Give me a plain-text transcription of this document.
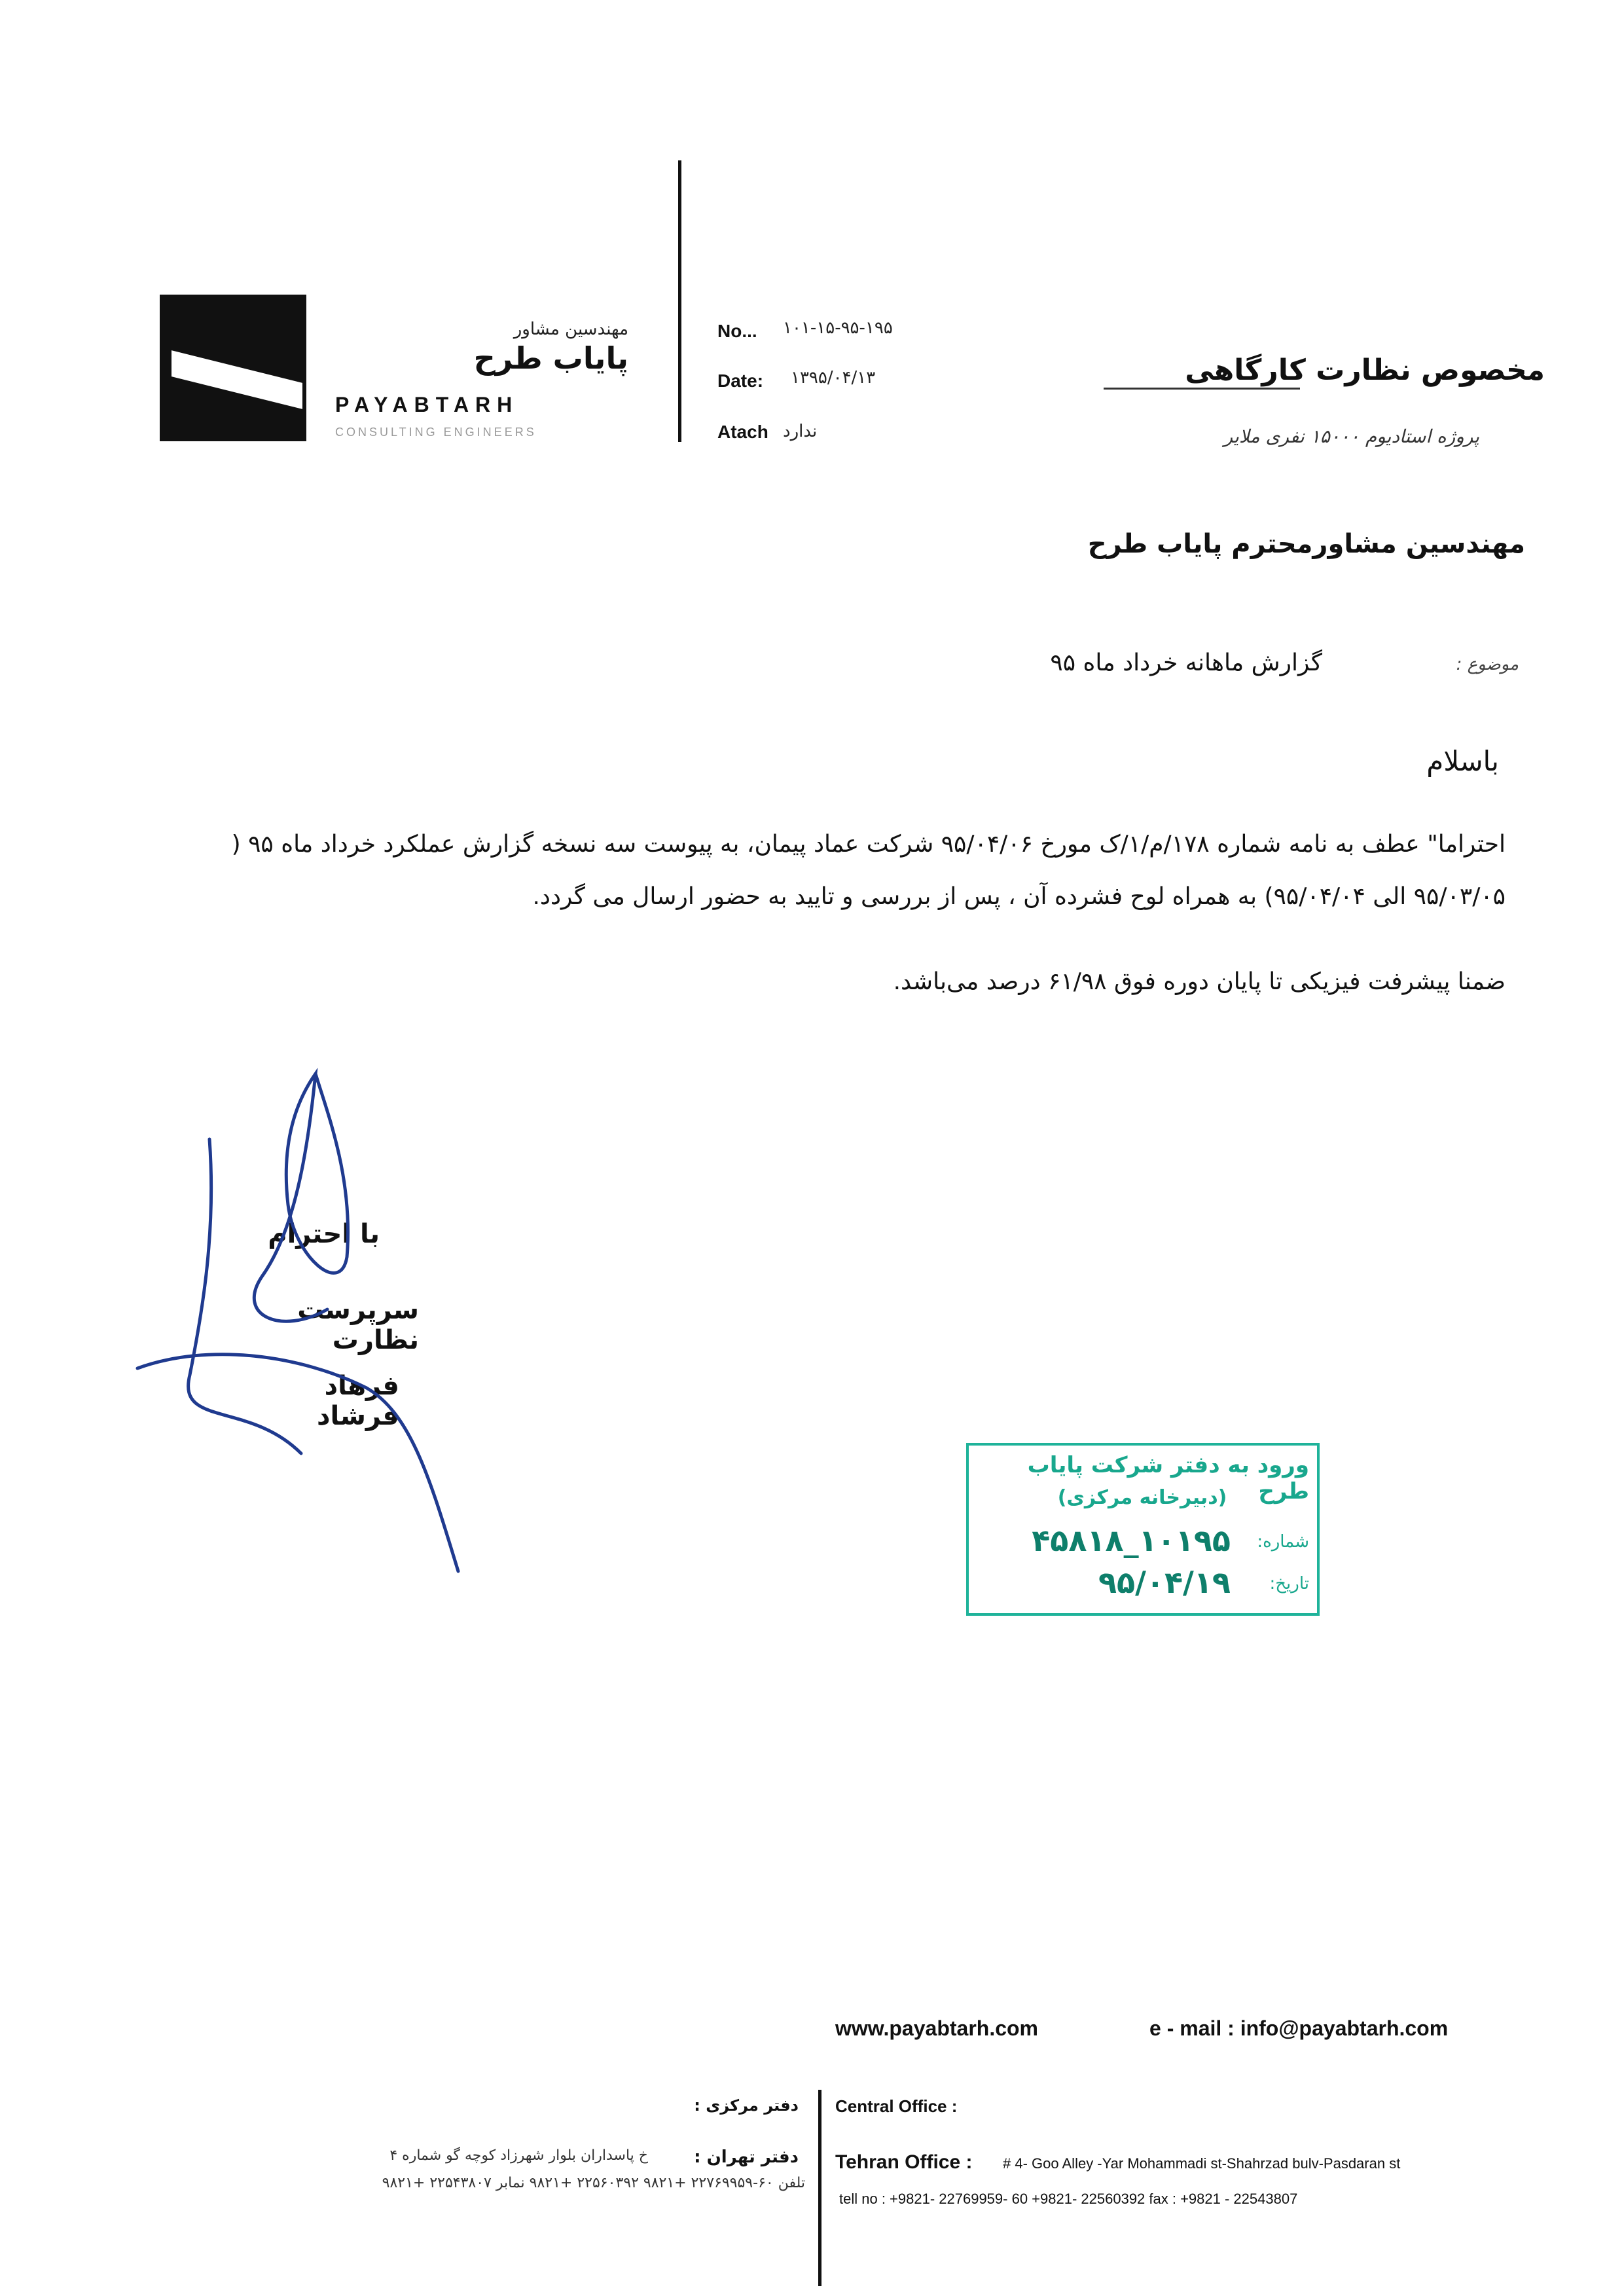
مهندسین مشاور
پایاب طرح
PAYABTARH
CONSULTING ENGINEERS
No... ۱۰۱-۱۵-۹۵-۱۹۵
Date: ۱۳۹۵/۰۴/۱۳
Atach ندارد
مخصوص نظارت کارگاهی
پروژه استادیوم ۱۵۰۰۰ نفری ملایر
مهندسین مشاورمحترم پایاب طرح
موضوع :
گزارش ماهانه خرداد ماه ۹۵
باسلام
احتراما" عطف به نامه شماره ۱۷۸/م/۱/ک مورخ ۹۵/۰۴/۰۶ شرکت عماد پیمان، به پیوست سه نسخه گزارش عملکرد خرداد ماه ۹۵ ( ۹۵/۰۳/۰۵ الی ۹۵/۰۴/۰۴) به همراه لوح فشرده آن ، پس از بررسی و تایید به حضور ارسال می گردد.
ضمنا پیشرفت فیزیکی تا پایان دوره فوق ۶۱/۹۸ درصد می‌باشد.
با احترام
سرپرست نظارت
فرهاد فرشاد
ورود به دفتر شرکت پایاب طرح
(دبیرخانه مرکزی)
شماره:
۱۰۱۹۵_۴۵۸۱۸
تاریخ:
۹۵/۰۴/۱۹
www.payabtarh.com	e - mail : info@payabtarh.com
Central Office :
Tehran Office : # 4- Goo Alley -Yar Mohammadi st-Shahrzad bulv-Pasdaran st
tell no : +9821- 22769959- 60 +9821- 22560392 fax : +9821 - 22543807
دفتر مرکزی :
دفتر تهران :
خ پاسداران بلوار شهرزاد کوچه گو شماره ۴
تلفن ۶۰-۲۲۷۶۹۹۵۹ +۹۸۲۱ ۲۲۵۶۰۳۹۲ +۹۸۲۱ نمابر ۲۲۵۴۳۸۰۷ +۹۸۲۱
